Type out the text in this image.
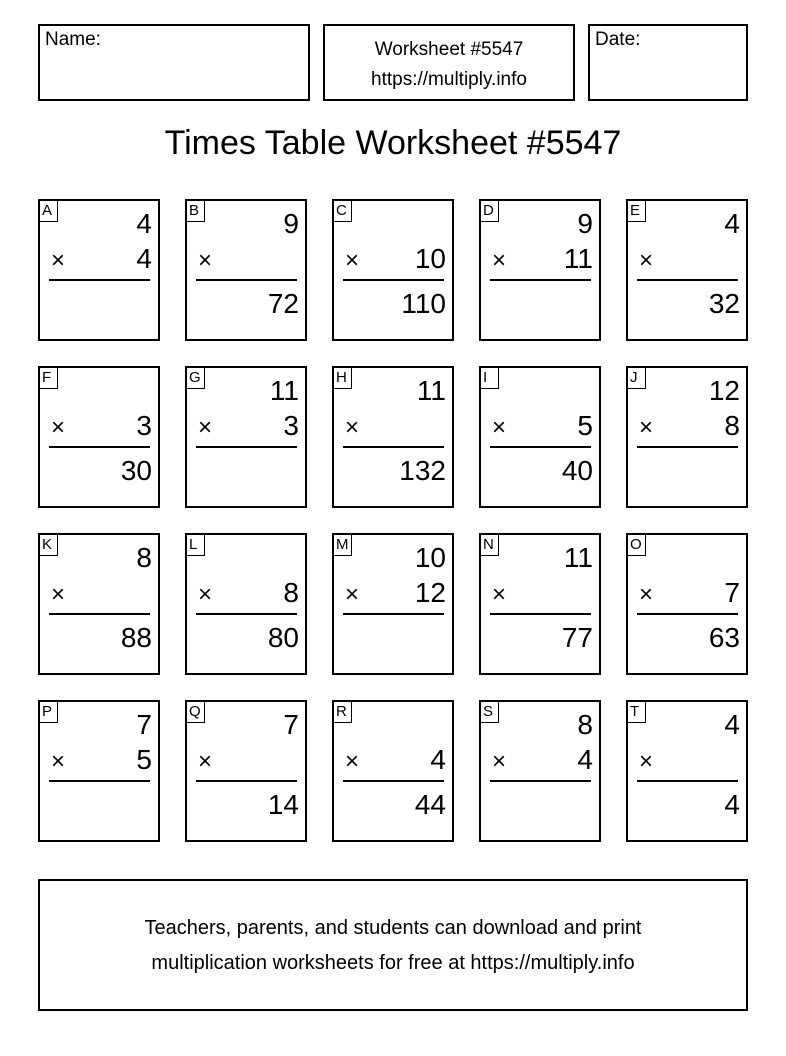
Name:	Worksheet #5547
https://multiply.info
Date:
Times Table Worksheet #5547
A	4
×	4
B	9
×
72
C
× 10
110
D	9
× 11
E	4
×
32
F
×	3
30
G 11
×	3
H	11
×
132
I
×	5
40
J	12
×	8
K	8
×
88
L
×	8
80
M 10
× 12
N	11
×
77
O
×	7
63
P	7
×	5
Q	7
×
14
R
×	4
44
S	8
×	4
T	4
×
4
Teachers, parents, and students can download and print
multiplication worksheets for free at https://multiply.info
